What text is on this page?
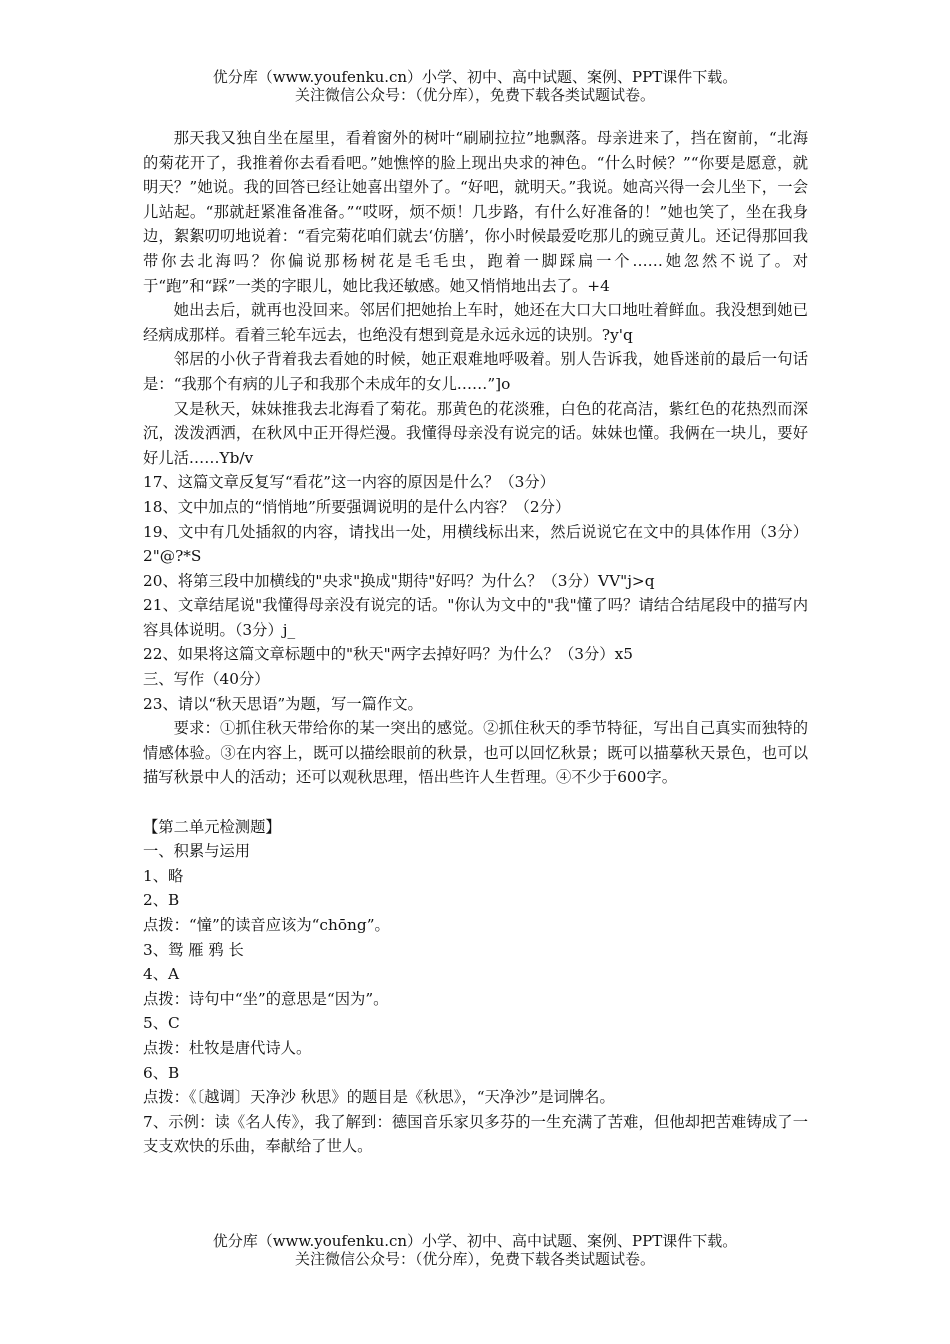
优分库（www.youfenku.cn）小学、初中、高中试题、案例、PPT课件下载。
关注微信公众号：（优分库），免费下载各类试题试卷。

那天我又独自坐在屋里，看着窗外的树叶“刷刷拉拉”地飘落。母亲进来了，挡在窗前，“北海的菊花开了，我推着你去看看吧。”她憔悴的脸上现出央求的神色。“什么时候？”“你要是愿意，就明天？”她说。我的回答已经让她喜出望外了。“好吧，就明天。”我说。她高兴得一会儿坐下，一会儿站起。“那就赶紧准备准备。”“哎呀，烦不烦！几步路，有什么好准备的！”她也笑了，坐在我身边，絮絮叨叨地说着：“看完菊花咱们就去‘仿膳’，你小时候最爱吃那儿的豌豆黄儿。还记得那回我带你去北海吗？你偏说那杨树花是毛毛虫，跑着一脚踩扁一个……她忽然不说了。对于“跑”和“踩”一类的字眼儿，她比我还敏感。她又悄悄地出去了。+4

她出去后，就再也没回来。邻居们把她抬上车时，她还在大口大口地吐着鲜血。我没想到她已经病成那样。看着三轮车远去，也绝没有想到竟是永远永远的诀别。?y'q

邻居的小伙子背着我去看她的时候，她正艰难地呼吸着。别人告诉我，她昏迷前的最后一句话是：“我那个有病的儿子和我那个未成年的女儿……”]o

又是秋天，妹妹推我去北海看了菊花。那黄色的花淡雅，白色的花高洁，紫红色的花热烈而深沉，泼泼洒洒，在秋风中正开得烂漫。我懂得母亲没有说完的话。妹妹也懂。我俩在一块儿，要好好儿活……Yb/v

17、这篇文章反复写“看花”这一内容的原因是什么？（3分）

18、文中加点的“悄悄地”所要强调说明的是什么内容？（2分）

19、文中有几处插叙的内容，请找出一处，用横线标出来，然后说说它在文中的具体作用（3分）2"@?*S

20、将第三段中加横线的"央求"换成"期待"好吗？为什么？（3分）VV"j>q

21、文章结尾说"我懂得母亲没有说完的话。"你认为文中的"我"懂了吗？请结合结尾段中的描写内容具体说明。（3分）j_

22、如果将这篇文章标题中的"秋天"两字去掉好吗？为什么？（3分）x5

三、写作（40分）

23、请以“秋天思语”为题，写一篇作文。

要求：①抓住秋天带给你的某一突出的感觉。②抓住秋天的季节特征，写出自己真实而独特的情感体验。③在内容上，既可以描绘眼前的秋景，也可以回忆秋景；既可以描摹秋天景色，也可以描写秋景中人的活动；还可以观秋思理，悟出些许人生哲理。④不少于600字。

【第二单元检测题】

一、积累与运用

1、略

2、B

点拨：“憧”的读音应该为“chōng”。

3、鸳 雁 鸦 长

4、A

点拨：诗句中“坐”的意思是“因为”。

5、C

点拨：杜牧是唐代诗人。

6、B

点拨：《〔越调〕天净沙 秋思》的题目是《秋思》，“天净沙”是词牌名。

7、示例：读《名人传》，我了解到：德国音乐家贝多芬的一生充满了苦难，但他却把苦难铸成了一支支欢快的乐曲，奉献给了世人。

优分库（www.youfenku.cn）小学、初中、高中试题、案例、PPT课件下载。
关注微信公众号：（优分库），免费下载各类试题试卷。
